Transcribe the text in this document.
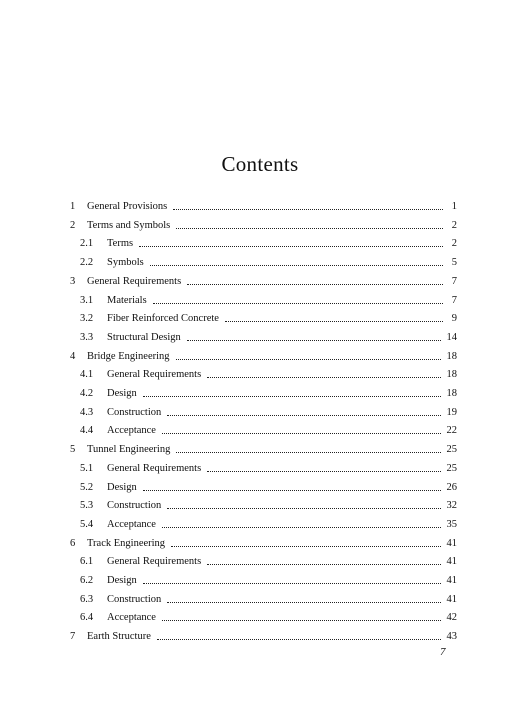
Contents
1	General Provisions	1
2	Terms and Symbols	2
2.1	Terms	2
2.2	Symbols	5
3	General Requirements	7
3.1	Materials	7
3.2	Fiber Reinforced Concrete	9
3.3	Structural Design	14
4	Bridge Engineering	18
4.1	General Requirements	18
4.2	Design	18
4.3	Construction	19
4.4	Acceptance	22
5	Tunnel Engineering	25
5.1	General Requirements	25
5.2	Design	26
5.3	Construction	32
5.4	Acceptance	35
6	Track Engineering	41
6.1	General Requirements	41
6.2	Design	41
6.3	Construction	41
6.4	Acceptance	42
7	Earth Structure	43
7
